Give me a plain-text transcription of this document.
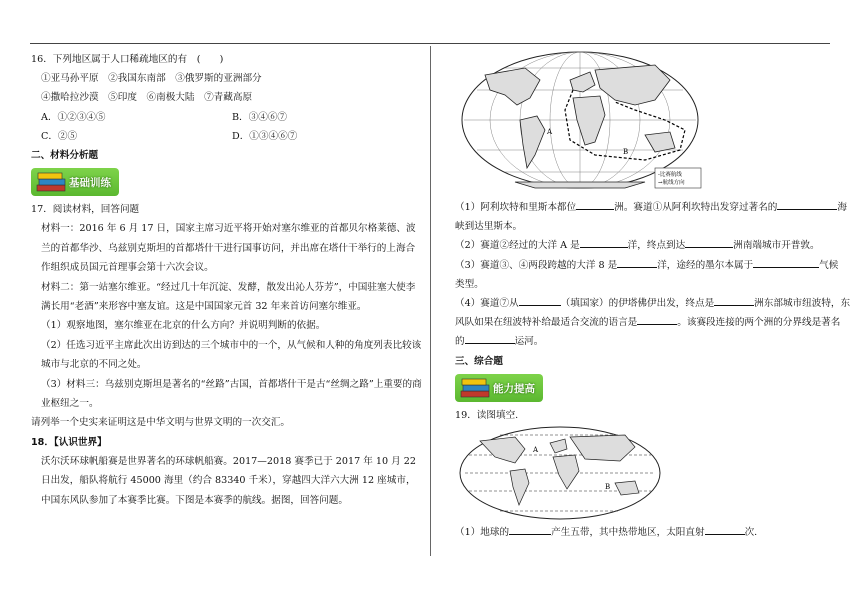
16．下列地区属于人口稀疏地区的有　(　　)
①亚马孙平原　②我国东南部　③俄罗斯的亚洲部分
④撒哈拉沙漠　⑤印度　⑥南极大陆　⑦青藏高原
A．①②③④⑤	B．③④⑥⑦
C．②⑤	D．①③④⑥⑦
二、材料分析题
基础训练
17．阅读材料，回答问题
材料一：2016 年 6 月 17 日，国家主席习近平将开始对塞尔维亚的首都贝尔格莱德、波兰的首都华沙、乌兹别克斯坦的首都塔什干进行国事访问，并出席在塔什干举行的上海合作组织成员国元首理事会第十六次会议。
材料二：第一站塞尔维亚。“经过几十年沉淀、发酵，散发出沁人芬芳”，中国驻塞大使李满长用“老酒”来形容中塞友谊。这是中国国家元首 32 年来首访问塞尔维亚。
（1）观察地图，塞尔维亚在北京的什么方向？并说明判断的依据。
（2）任选习近平主席此次出访到达的三个城市中的一个，从气候和人种的角度列表比较该城市与北京的不同之处。
（3）材料三：乌兹别克斯坦是著名的“丝路”古国，首都塔什干是古“丝绸之路”上重要的商业枢纽之一。
请列举一个史实来证明这是中华文明与世界文明的一次交汇。
18．【认识世界】
沃尔沃环球帆船赛是世界著名的环球帆船赛。2017—2018 赛季已于 2017 年 10 月 22 日出发，船队将航行 45000 海里（约合 83340 千米），穿越四大洋六大洲 12 座城市，中国东风队参加了本赛季比赛。下图是本赛季的航线。据图，回答问题。
A
B
-比赛航线
→航线方向
（1）阿利坎特和里斯本都位	洲。赛道①从阿利坎特出发穿过著名的	海
峡到达里斯本。
（2）赛道②经过的大洋 A 是	洋，终点到达	洲南端城市开普敦。
（3）赛道③、④两段跨越的大洋 8 是	洋，途经的墨尔本属于	气候
类型。
（4）赛道⑦从	（填国家）的伊塔佛伊出发，终点是	洲东部城市纽波特，东
风队如果在纽波特补给最适合交流的语言是	。该赛段连接的两个洲的分界线是著名
的	运河。
三、综合题
能力提高
19．读图填空.
A
B
（1）地球的	产生五带，其中热带地区，太阳直射	次.
